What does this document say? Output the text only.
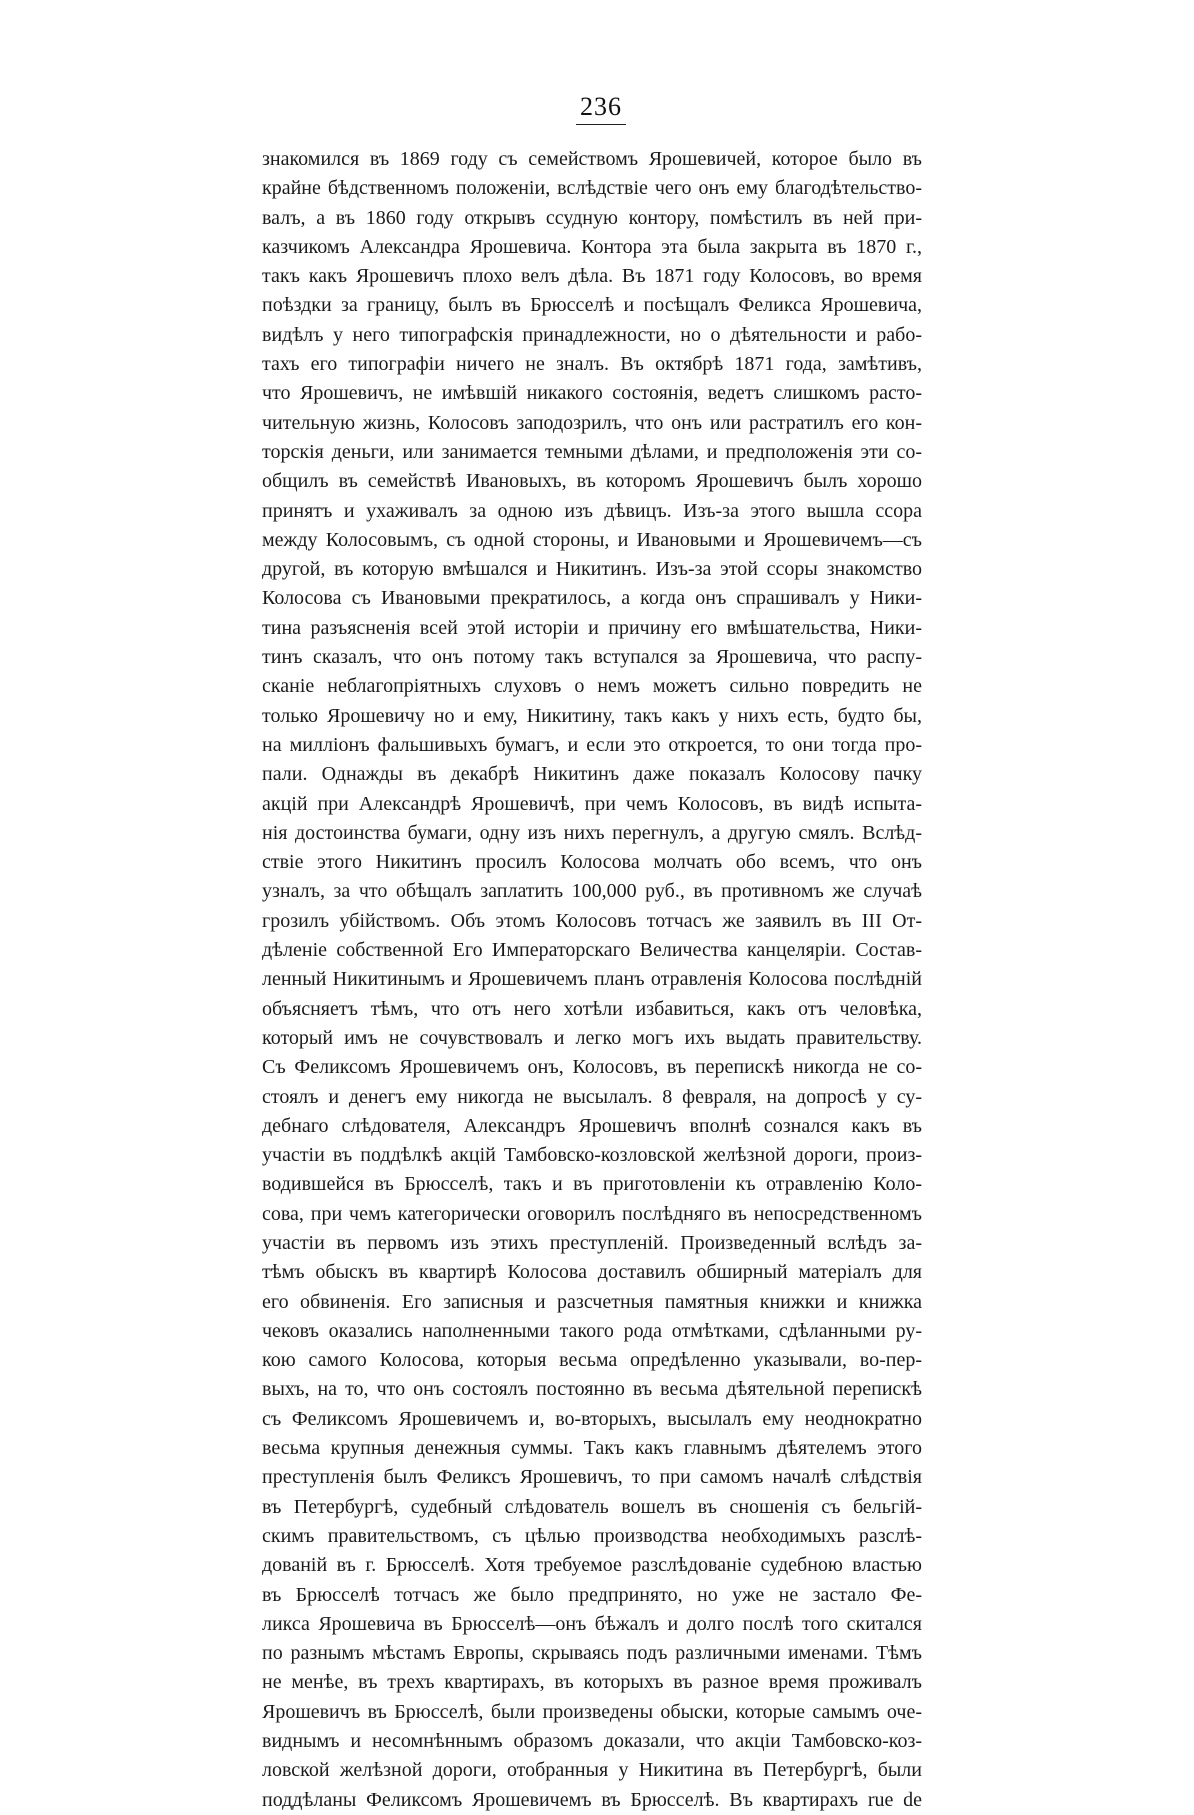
236
знакомился въ 1869 году съ семействомъ Ярошевичей, которое было въ
крайне бѣдственномъ положеніи, вслѣдствіе чего онъ ему благодѣтельство-
валъ, а въ 1860 году открывъ ссудную контору, помѣстилъ въ ней при-
казчикомъ Александра Ярошевича. Контора эта была закрыта въ 1870 г.,
такъ какъ Ярошевичъ плохо велъ дѣла. Въ 1871 году Колосовъ, во время
поѣздки за границу, былъ въ Брюсселѣ и посѣщалъ Феликса Ярошевича,
видѣлъ у него типографскія принадлежности, но о дѣятельности и рабо-
тахъ его типографіи ничего не зналъ. Въ октябрѣ 1871 года, замѣтивъ,
что Ярошевичъ, не имѣвшій никакого состоянія, ведетъ слишкомъ расто-
чительную жизнь, Колосовъ заподозрилъ, что онъ или растратилъ его кон-
торскія деньги, или занимается темными дѣлами, и предположенія эти со-
общилъ въ семействѣ Ивановыхъ, въ которомъ Ярошевичъ былъ хорошо
принятъ и ухаживалъ за одною изъ дѣвицъ. Изъ-за этого вышла ссора
между Колосовымъ, съ одной стороны, и Ивановыми и Ярошевичемъ—съ
другой, въ которую вмѣшался и Никитинъ. Изъ-за этой ссоры знакомство
Колосова съ Ивановыми прекратилось, а когда онъ спрашивалъ у Ники-
тина разъясненія всей этой исторіи и причину его вмѣшательства, Ники-
тинъ сказалъ, что онъ потому такъ вступался за Ярошевича, что распу-
сканіе неблагопріятныхъ слуховъ о немъ можетъ сильно повредить не
только Ярошевичу но и ему, Никитину, такъ какъ у нихъ есть, будто бы,
на милліонъ фальшивыхъ бумагъ, и если это откроется, то они тогда про-
пали. Однажды въ декабрѣ Никитинъ даже показалъ Колосову пачку
акцій при Александрѣ Ярошевичѣ, при чемъ Колосовъ, въ видѣ испыта-
нія достоинства бумаги, одну изъ нихъ перегнулъ, а другую смялъ. Вслѣд-
ствіе этого Никитинъ просилъ Колосова молчать обо всемъ, что онъ
узналъ, за что обѣщалъ заплатить 100,000 руб., въ противномъ же случаѣ
грозилъ убійствомъ. Объ этомъ Колосовъ тотчасъ же заявилъ въ III От-
дѣленіе собственной Его Императорскаго Величества канцеляріи. Состав-
ленный Никитинымъ и Ярошевичемъ планъ отравленія Колосова послѣдній
объясняетъ тѣмъ, что отъ него хотѣли избавиться, какъ отъ человѣка,
который имъ не сочувствовалъ и легко могъ ихъ выдать правительству.
Съ Феликсомъ Ярошевичемъ онъ, Колосовъ, въ перепискѣ никогда не со-
стоялъ и денегъ ему никогда не высылалъ. 8 февраля, на допросѣ у су-
дебнаго слѣдователя, Александръ Ярошевичъ вполнѣ сознался какъ въ
участіи въ поддѣлкѣ акцій Тамбовско-козловской желѣзной дороги, произ-
водившейся въ Брюсселѣ, такъ и въ приготовленіи къ отравленію Коло-
сова, при чемъ категорически оговорилъ послѣдняго въ непосредственномъ
участіи въ первомъ изъ этихъ преступленій. Произведенный вслѣдъ за-
тѣмъ обыскъ въ квартирѣ Колосова доставилъ обширный матеріалъ для
его обвиненія. Его записныя и разсчетныя памятныя книжки и книжка
чековъ оказались наполненными такого рода отмѣтками, сдѣланными ру-
кою самого Колосова, которыя весьма опредѣленно указывали, во-пер-
выхъ, на то, что онъ состоялъ постоянно въ весьма дѣятельной перепискѣ
съ Феликсомъ Ярошевичемъ и, во-вторыхъ, высылалъ ему неоднократно
весьма крупныя денежныя суммы. Такъ какъ главнымъ дѣятелемъ этого
преступленія былъ Феликсъ Ярошевичъ, то при самомъ началѣ слѣдствія
въ Петербургѣ, судебный слѣдователь вошелъ въ сношенія съ бельгій-
скимъ правительствомъ, съ цѣлью производства необходимыхъ разслѣ-
дованій въ г. Брюсселѣ. Хотя требуемое разслѣдованіе судебною властью
въ Брюсселѣ тотчасъ же было предпринято, но уже не застало Фе-
ликса Ярошевича въ Брюсселѣ—онъ бѣжалъ и долго послѣ того скитался
по разнымъ мѣстамъ Европы, скрываясь подъ различными именами. Тѣмъ
не менѣе, въ трехъ квартирахъ, въ которыхъ въ разное время проживалъ
Ярошевичъ въ Брюсселѣ, были произведены обыски, которые самымъ оче-
виднымъ и несомнѣннымъ образомъ доказали, что акціи Тамбовско-коз-
ловской желѣзной дороги, отобранныя у Никитина въ Петербургѣ, были
поддѣланы Феликсомъ Ярошевичемъ въ Брюсселѣ. Въ квартирахъ rue de
